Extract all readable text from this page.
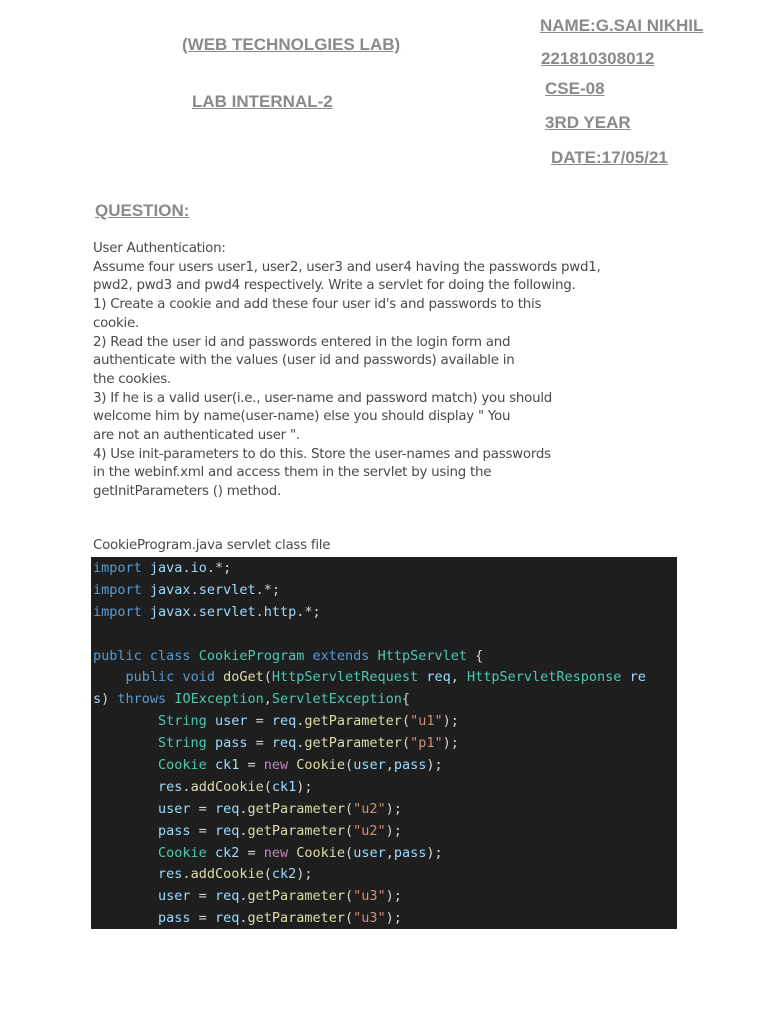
(WEB TECHNOLGIES LAB)
LAB INTERNAL-2
NAME:G.SAI NIKHIL
221810308012
CSE-08
3RD YEAR
DATE:17/05/21
QUESTION:
User Authentication:
Assume four users user1, user2, user3 and user4 having the passwords pwd1,
pwd2, pwd3 and pwd4 respectively. Write a servlet for doing the following.
1) Create a cookie and add these four user id's and passwords to this
cookie.
2) Read the user id and passwords entered in the login form and
authenticate with the values (user id and passwords) available in
the cookies.
3) If he is a valid user(i.e., user-name and password match) you should
welcome him by name(user-name) else you should display " You
are not an authenticated user ".
4) Use init-parameters to do this. Store the user-names and passwords
in the webinf.xml and access them in the servlet by using the
getInitParameters () method.
CookieProgram.java servlet class file
import java.io.*;
import javax.servlet.*;
import javax.servlet.http.*;

public class CookieProgram extends HttpServlet {
public void doGet(HttpServletRequest req, HttpServletResponse re
s) throws IOException,ServletException{
String user = req.getParameter("u1");
String pass = req.getParameter("p1");
Cookie ck1 = new Cookie(user,pass);
res.addCookie(ck1);
user = req.getParameter("u2");
pass = req.getParameter("u2");
Cookie ck2 = new Cookie(user,pass);
res.addCookie(ck2);
user = req.getParameter("u3");
pass = req.getParameter("u3");
